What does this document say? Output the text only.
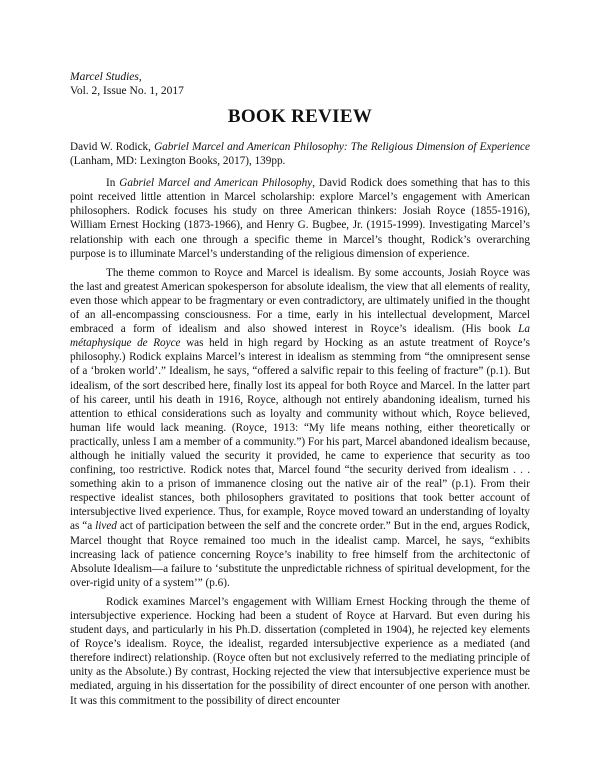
Marcel Studies,
Vol. 2, Issue No. 1, 2017
BOOK REVIEW

David W. Rodick, Gabriel Marcel and American Philosophy: The Religious Dimension of Experience (Lanham, MD: Lexington Books, 2017), 139pp.

In Gabriel Marcel and American Philosophy, David Rodick does something that has to this point received little attention in Marcel scholarship: explore Marcel’s engagement with American philosophers. Rodick focuses his study on three American thinkers: Josiah Royce (1855-1916), William Ernest Hocking (1873-1966), and Henry G. Bugbee, Jr. (1915-1999). Investigating Marcel’s relationship with each one through a specific theme in Marcel’s thought, Rodick’s overarching purpose is to illuminate Marcel’s understanding of the religious dimension of experience.

The theme common to Royce and Marcel is idealism. By some accounts, Josiah Royce was the last and greatest American spokesperson for absolute idealism, the view that all elements of reality, even those which appear to be fragmentary or even contradictory, are ultimately unified in the thought of an all-encompassing consciousness. For a time, early in his intellectual development, Marcel embraced a form of idealism and also showed interest in Royce’s idealism. (His book La métaphysique de Royce was held in high regard by Hocking as an astute treatment of Royce’s philosophy.) Rodick explains Marcel’s interest in idealism as stemming from “the omnipresent sense of a ‘broken world’.” Idealism, he says, “offered a salvific repair to this feeling of fracture” (p.1). But idealism, of the sort described here, finally lost its appeal for both Royce and Marcel. In the latter part of his career, until his death in 1916, Royce, although not entirely abandoning idealism, turned his attention to ethical considerations such as loyalty and community without which, Royce believed, human life would lack meaning. (Royce, 1913: “My life means nothing, either theoretically or practically, unless I am a member of a community.”) For his part, Marcel abandoned idealism because, although he initially valued the security it provided, he came to experience that security as too confining, too restrictive. Rodick notes that, Marcel found “the security derived from idealism . . . something akin to a prison of immanence closing out the native air of the real” (p.1). From their respective idealist stances, both philosophers gravitated to positions that took better account of intersubjective lived experience. Thus, for example, Royce moved toward an understanding of loyalty as “a lived act of participation between the self and the concrete order.” But in the end, argues Rodick, Marcel thought that Royce remained too much in the idealist camp. Marcel, he says, “exhibits increasing lack of patience concerning Royce’s inability to free himself from the architectonic of Absolute Idealism—a failure to ‘substitute the unpredictable richness of spiritual development, for the over-rigid unity of a system’” (p.6).

Rodick examines Marcel’s engagement with William Ernest Hocking through the theme of intersubjective experience. Hocking had been a student of Royce at Harvard. But even during his student days, and particularly in his Ph.D. dissertation (completed in 1904), he rejected key elements of Royce’s idealism. Royce, the idealist, regarded intersubjective experience as a mediated (and therefore indirect) relationship. (Royce often but not exclusively referred to the mediating principle of unity as the Absolute.) By contrast, Hocking rejected the view that intersubjective experience must be mediated, arguing in his dissertation for the possibility of direct encounter of one person with another. It was this commitment to the possibility of direct encounter
